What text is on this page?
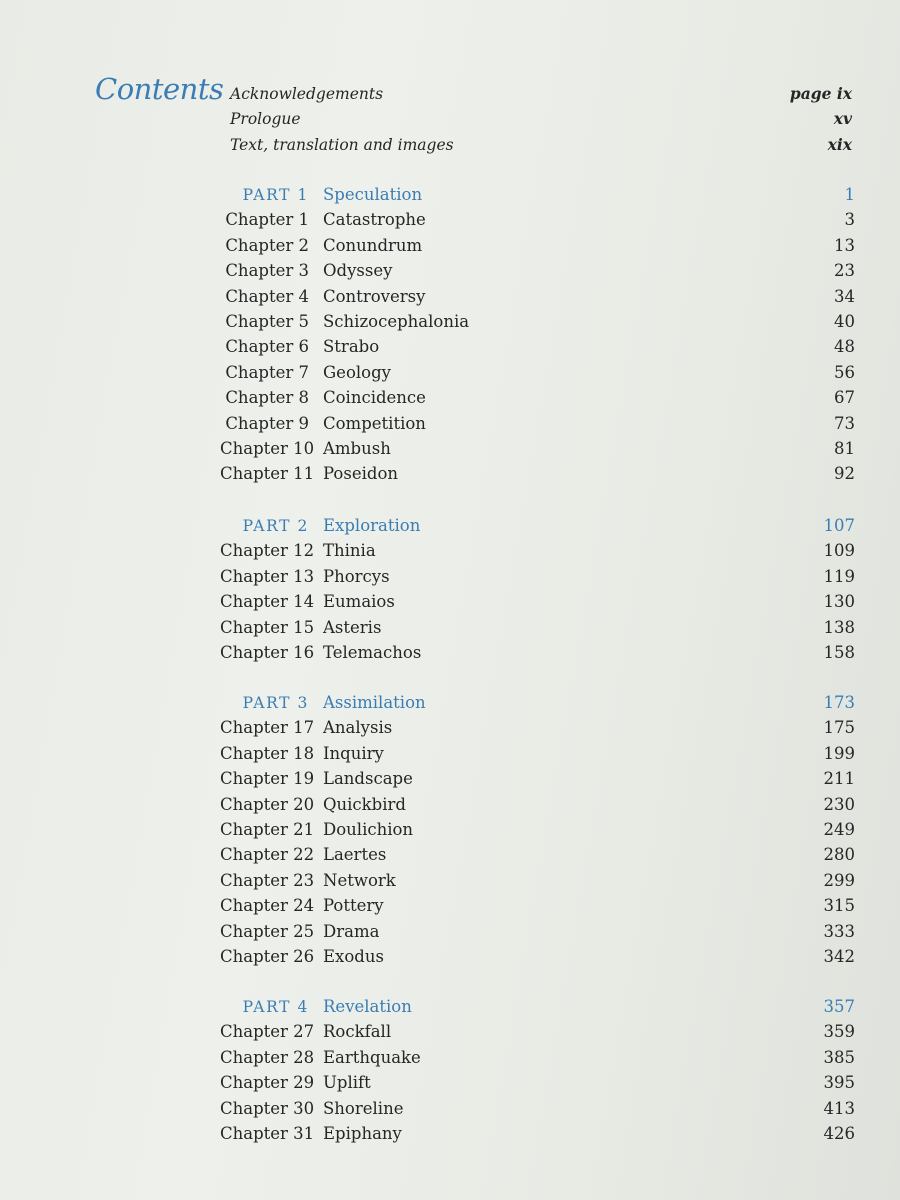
Contents Acknowledgements	page ix
Prologue	xv
Text, translation and images	xix
PART 1 Speculation	1
Chapter 1 Catastrophe	3
Chapter 2 Conundrum	13
Chapter 3 Odyssey	23
Chapter 4 Controversy	34
Chapter 5 Schizocephalonia	40
Chapter 6 Strabo	48
Chapter 7 Geology	56
Chapter 8 Coincidence	67
Chapter 9 Competition	73
Chapter 10 Ambush	81
Chapter 11 Poseidon	92
PART 2 Exploration	107
Chapter 12 Thinia	109
Chapter 13 Phorcys	119
Chapter 14 Eumaios	130
Chapter 15 Asteris	138
Chapter 16 Telemachos	158
PART 3 Assimilation	173
Chapter 17 Analysis	175
Chapter 18 Inquiry	199
Chapter 19 Landscape	211
Chapter 20 Quickbird	230
Chapter 21 Doulichion	249
Chapter 22 Laertes	280
Chapter 23 Network	299
Chapter 24 Pottery	315
Chapter 25 Drama	333
Chapter 26 Exodus	342
PART 4 Revelation	357
Chapter 27 Rockfall	359
Chapter 28 Earthquake	385
Chapter 29 Uplift	395
Chapter 30 Shoreline	413
Chapter 31 Epiphany	426
